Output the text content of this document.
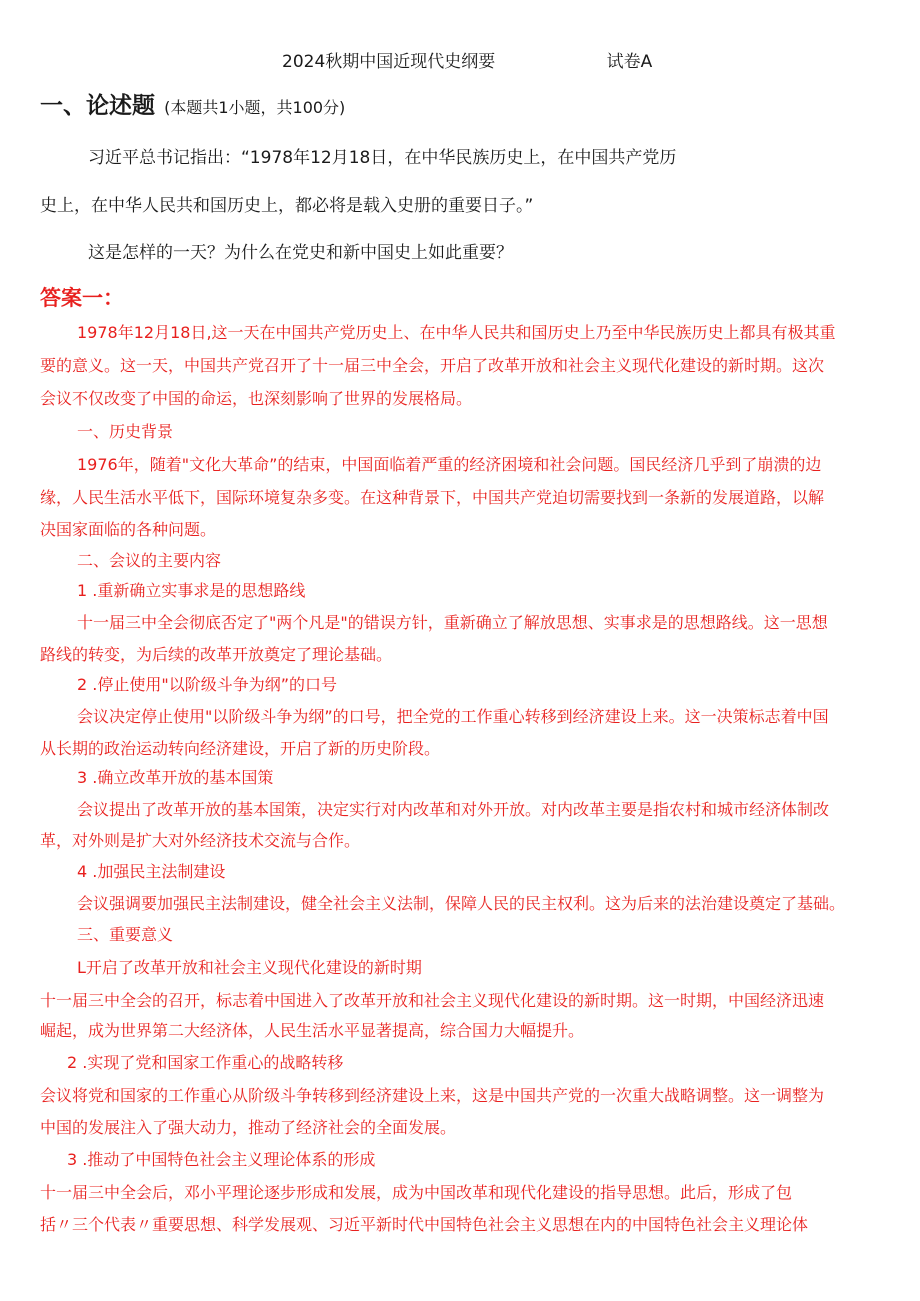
2024秋期中国近现代史纲要	试卷A
一、论述题 (本题共1小题，共100分)
习近平总书记指出：“1978年12月18日，在中华民族历史上，在中国共产党历
史上，在中华人民共和国历史上，都必将是载入史册的重要日子。”
这是怎样的一天？为什么在党史和新中国史上如此重要？
答案一：
1978年12月18日,这一天在中国共产党历史上、在中华人民共和国历史上乃至中华民族历史上都具有极其重
要的意义。这一天，中国共产党召开了十一届三中全会，开启了改革开放和社会主义现代化建设的新时期。这次
会议不仅改变了中国的命运，也深刻影响了世界的发展格局。
一、历史背景
1976年，随着"文化大革命”的结束，中国面临着严重的经济困境和社会问题。国民经济几乎到了崩溃的边
缘，人民生活水平低下，国际环境复杂多变。在这种背景下，中国共产党迫切需要找到一条新的发展道路，以解
决国家面临的各种问题。
二、会议的主要内容
1 .重新确立实事求是的思想路线
十一届三中全会彻底否定了"两个凡是"的错误方针，重新确立了解放思想、实事求是的思想路线。这一思想
路线的转变，为后续的改革开放奠定了理论基础。
2 .停止使用"以阶级斗争为纲”的口号
会议决定停止使用"以阶级斗争为纲”的口号，把全党的工作重心转移到经济建设上来。这一决策标志着中国
从长期的政治运动转向经济建设，开启了新的历史阶段。
3 .确立改革开放的基本国策
会议提出了改革开放的基本国策，决定实行对内改革和对外开放。对内改革主要是指农村和城市经济体制改
革，对外则是扩大对外经济技术交流与合作。
4 .加强民主法制建设
会议强调要加强民主法制建设，健全社会主义法制，保障人民的民主权利。这为后来的法治建设奠定了基础。
三、重要意义
L开启了改革开放和社会主义现代化建设的新时期
十一届三中全会的召开，标志着中国进入了改革开放和社会主义现代化建设的新时期。这一时期，中国经济迅速
崛起，成为世界第二大经济体，人民生活水平显著提高，综合国力大幅提升。
2 .实现了党和国家工作重心的战略转移
会议将党和国家的工作重心从阶级斗争转移到经济建设上来，这是中国共产党的一次重大战略调整。这一调整为
中国的发展注入了强大动力，推动了经济社会的全面发展。
3 .推动了中国特色社会主义理论体系的形成
十一届三中全会后，邓小平理论逐步形成和发展，成为中国改革和现代化建设的指导思想。此后，形成了包
括〃三个代表〃重要思想、科学发展观、习近平新时代中国特色社会主义思想在内的中国特色社会主义理论体
